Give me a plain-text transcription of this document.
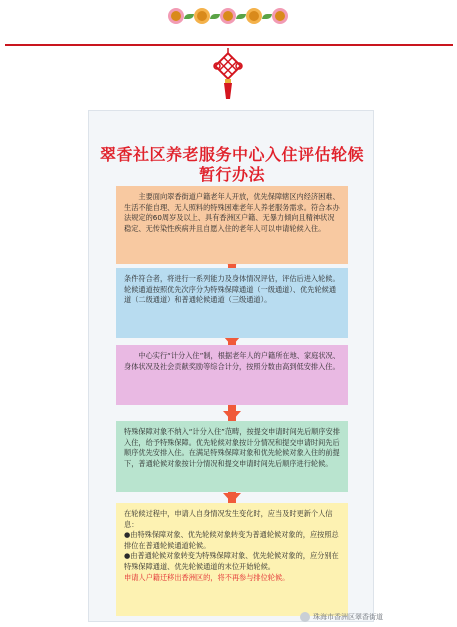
翠香社区养老服务中心入住评估轮候
暂行办法

主要面向翠香街道户籍老年人开放，优先保障辖区内经济困难、生活不能自理、无人照料的特殊困难老年人养老服务需求。符合本办法规定的60周岁及以上、具有香洲区户籍、无暴力倾向且精神状况稳定、无传染性疾病并且自愿入住的老年人可以申请轮候入住。

条件符合者，将进行一系列能力及身体情况评估，评估后进入轮候。

轮候通道按照优先次序分为特殊保障通道（一级通道）、优先轮候通道（二级通道）和普通轮候通道（三级通道）。

中心实行“计分入住”制，根据老年人的户籍所在地、家庭状况、身体状况及社会贡献奖励等综合计分，按照分数由高到低安排入住。

特殊保障对象不纳入“计分入住”范畴，按提交申请时间先后顺序安排入住，给予特殊保障。优先轮候对象按计分情况和提交申请时间先后顺序优先安排入住。在满足特殊保障对象和优先轮候对象入住的前提下，普通轮候对象按计分情况和提交申请时间先后顺序进行轮候。

在轮候过程中，申请人自身情况发生变化时，应当及时更新个人信息：

●由特殊保障对象、优先轮候对象转变为普通轮候对象的，应按照总排位在普通轮候通道轮候。

●由普通轮候对象转变为特殊保障对象、优先轮候对象的，应分别在特殊保障通道、优先轮候通道的末位开始轮候。

申请人户籍迁移出香洲区的，将不再参与排位轮候。

珠海市香洲区翠香街道
